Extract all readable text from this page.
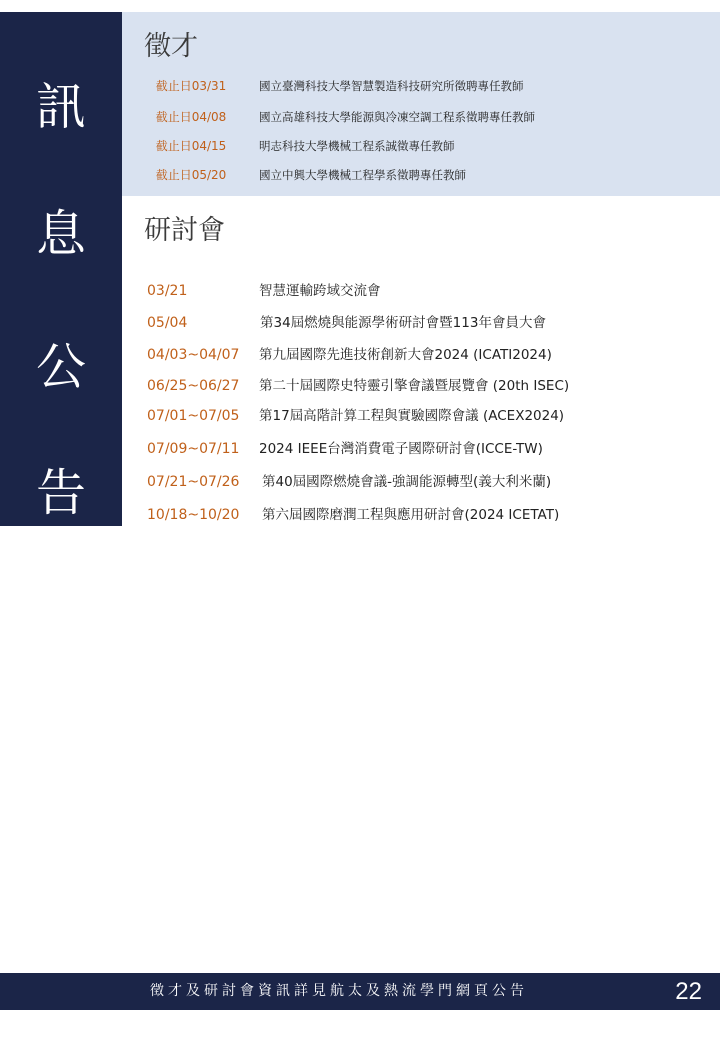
訊
息
公
告
徵才
截止日03/31	國立臺灣科技大學智慧製造科技研究所徵聘專任教師
截止日04/08	國立高雄科技大學能源與冷凍空調工程系徵聘專任教師
截止日04/15	明志科技大學機械工程系誠徵專任教師
截止日05/20	國立中興大學機械工程學系徵聘專任教師
研討會
03/21	智慧運輸跨域交流會
05/04	第34屆燃燒與能源學術研討會暨113年會員大會
04/03~04/07 第九屆國際先進技術創新大會2024 (ICATI2024)
06/25~06/27 第二十屆國際史特靈引擎會議暨展覽會 (20th ISEC)
07/01~07/05 第17屆高階計算工程與實驗國際會議 (ACEX2024)
07/09~07/11 2024 IEEE台灣消費電子國際研討會(ICCE-TW)
07/21~07/26 第40屆國際燃燒會議-強調能源轉型(義大利米蘭)
10/18~10/20 第六屆國際磨潤工程與應用研討會(2024 ICETAT)
徵才及研討會資訊詳見航太及熱流學門網頁公告	22
